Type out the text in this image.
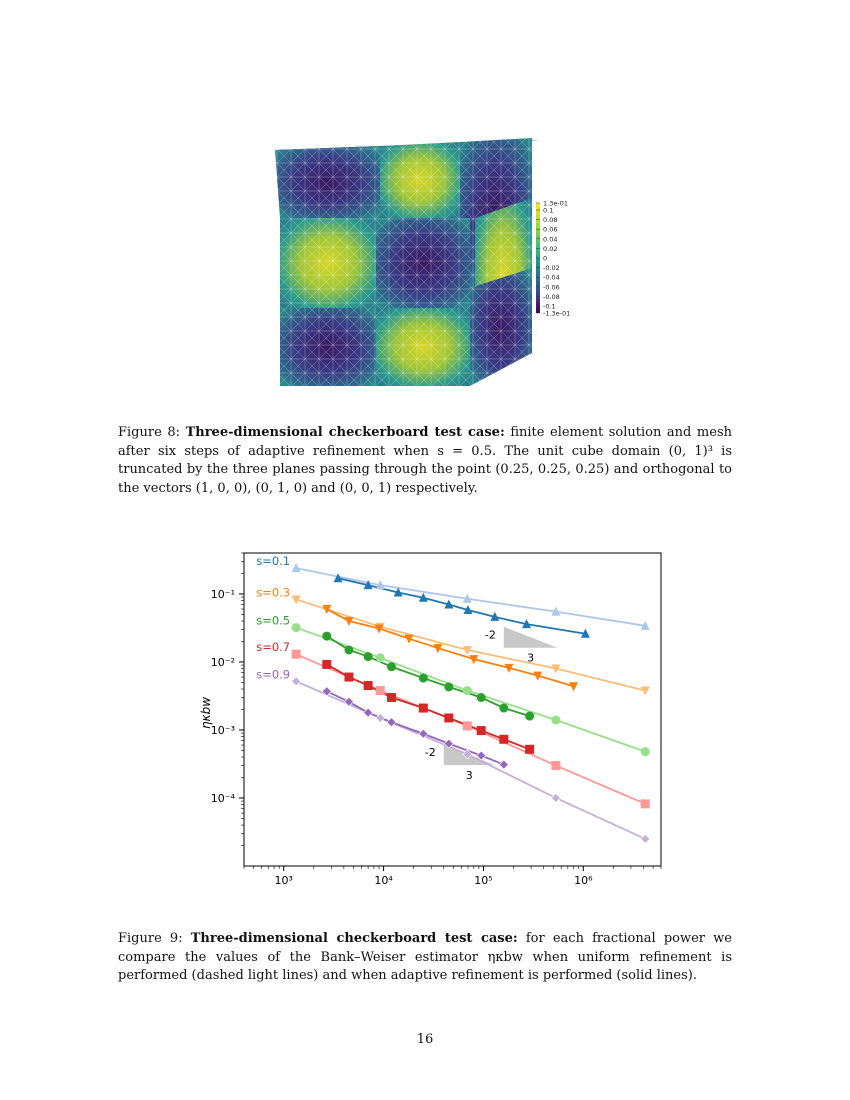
1.3e-01
0.1
0.08
0.06
0.04
0.02
0
-0.02
-0.04
-0.06
-0.08
-0.1
-1.3e-01
Figure 8: Three-dimensional checkerboard test case: finite element solution and mesh after six steps of adaptive refinement when s = 0.5. The unit cube domain (0, 1)³ is truncated by the three planes passing through the point (0.25, 0.25, 0.25) and orthogonal to the vectors (1, 0, 0), (0, 1, 0) and (0, 0, 1) respectively.
10³	10⁴	10⁵	10⁶
10⁻¹
10⁻²
10⁻³
10⁻⁴
-2
3
-2
3
s=0.1
s=0.3
s=0.5
s=0.7
s=0.9
ηκbw
Figure 9: Three-dimensional checkerboard test case: for each fractional power we compare the values of the Bank–Weiser estimator ηκbw when uniform refinement is performed (dashed light lines) and when adaptive refinement is performed (solid lines).
16
